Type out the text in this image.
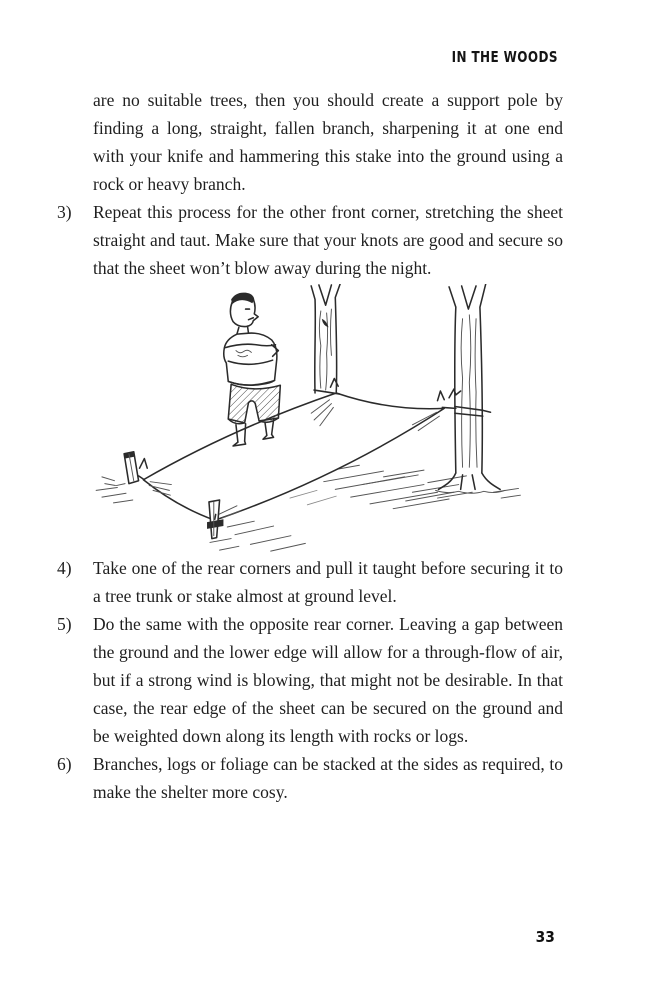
IN THE WOODS

are no suitable trees, then you should create a support pole by finding a long, straight, fallen branch, sharpening it at one end with your knife and hammering this stake into the ground using a rock or heavy branch.

3)	Repeat this process for the other front corner, stretching the sheet straight and taut. Make sure that your knots are good and secure so that the sheet won’t blow away during the night.
4)	Take one of the rear corners and pull it taught before securing it to a tree trunk or stake almost at ground level.
5)	Do the same with the opposite rear corner. Leaving a gap between the ground and the lower edge will allow for a through-flow of air, but if a strong wind is blowing, that might not be desirable. In that case, the rear edge of the sheet can be secured on the ground and be weighted down along its length with rocks or logs.
6)	Branches, logs or foliage can be stacked at the sides as required, to make the shelter more cosy.
33
